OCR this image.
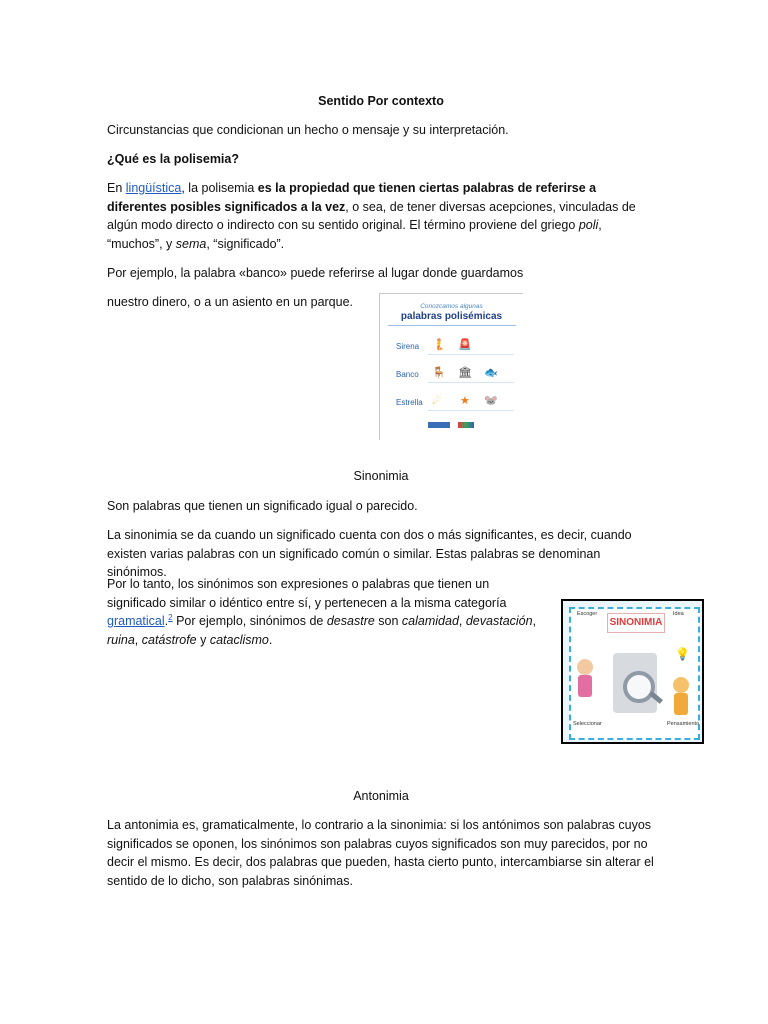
Sentido Por contexto

Circunstancias que condicionan un hecho o mensaje y su interpretación.

¿Qué es la polisemia?

En lingüística, la polisemia es la propiedad que tienen ciertas palabras de referirse a diferentes posibles significados a la vez, o sea, de tener diversas acepciones, vinculadas de algún modo directo o indirecto con su sentido original. El término proviene del griego poli, “muchos”, y sema, “significado”.

Por ejemplo, la palabra «banco» puede referirse al lugar donde guardamos

nuestro dinero, o a un asiento en un parque.	Conozcamos algunas
palabras polisémicas
Sirena 🧜 🚨
Banco 🪑 🏛 🐟
Estrella ☄ ★ 🐭

Sinonimia

Son palabras que tienen un significado igual o parecido.

La sinonimia se da cuando un significado cuenta con dos o más significantes, es decir, cuando existen varias palabras con un significado común o similar. Estas palabras se denominan sinónimos.

Por lo tanto, los sinónimos son expresiones o palabras que tienen un significado similar o idéntico entre sí, y pertenecen a la misma categoría gramatical.$^2$ Por ejemplo, sinónimos de desastre son calamidad, devastación, ruina, catástrofe y cataclismo.

SINONIMIA
Escoger
Seleccionar
Idea
💡
Pensamiento

Antonimia

La antonimia es, gramaticalmente, lo contrario a la sinonimia: si los antónimos son palabras cuyos significados se oponen, los sinónimos son palabras cuyos significados son muy parecidos, por no decir el mismo. Es decir, dos palabras que pueden, hasta cierto punto, intercambiarse sin alterar el sentido de lo dicho, son palabras sinónimas.
